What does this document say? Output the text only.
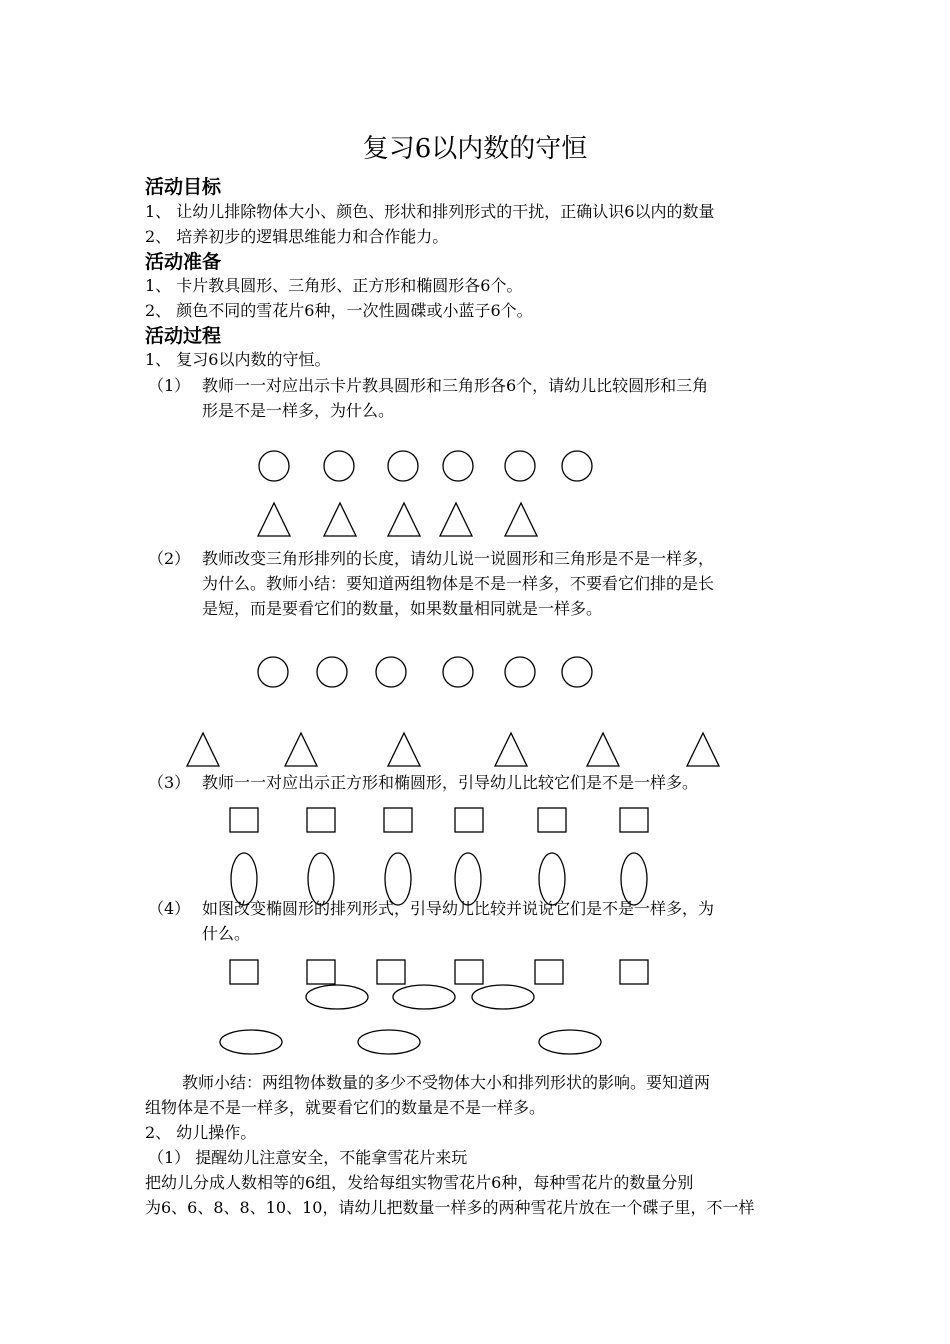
复习6以内数的守恒
活动目标
1、 让幼儿排除物体大小、颜色、形状和排列形式的干扰，正确认识6以内的数量
2、 培养初步的逻辑思维能力和合作能力。
活动准备
1、 卡片教具圆形、三角形、正方形和椭圆形各6个。
2、 颜色不同的雪花片6种，一次性圆碟或小蓝子6个。
活动过程
1、 复习6以内数的守恒。
（1） 教师一一对应出示卡片教具圆形和三角形各6个，请幼儿比较圆形和三角
形是不是一样多，为什么。
（2） 教师改变三角形排列的长度，请幼儿说一说圆形和三角形是不是一样多，
为什么。教师小结：要知道两组物体是不是一样多，不要看它们排的是长
是短，而是要看它们的数量，如果数量相同就是一样多。
（3） 教师一一对应出示正方形和椭圆形，引导幼儿比较它们是不是一样多。
（4） 如图改变椭圆形的排列形式，引导幼儿比较并说说它们是不是一样多，为
什么。
教师小结：两组物体数量的多少不受物体大小和排列形状的影响。要知道两
组物体是不是一样多，就要看它们的数量是不是一样多。
2、 幼儿操作。
（1） 提醒幼儿注意安全，不能拿雪花片来玩
把幼儿分成人数相等的6组，发给每组实物雪花片6种，每种雪花片的数量分别
为6、6、8、8、10、10，请幼儿把数量一样多的两种雪花片放在一个碟子里，不一样
